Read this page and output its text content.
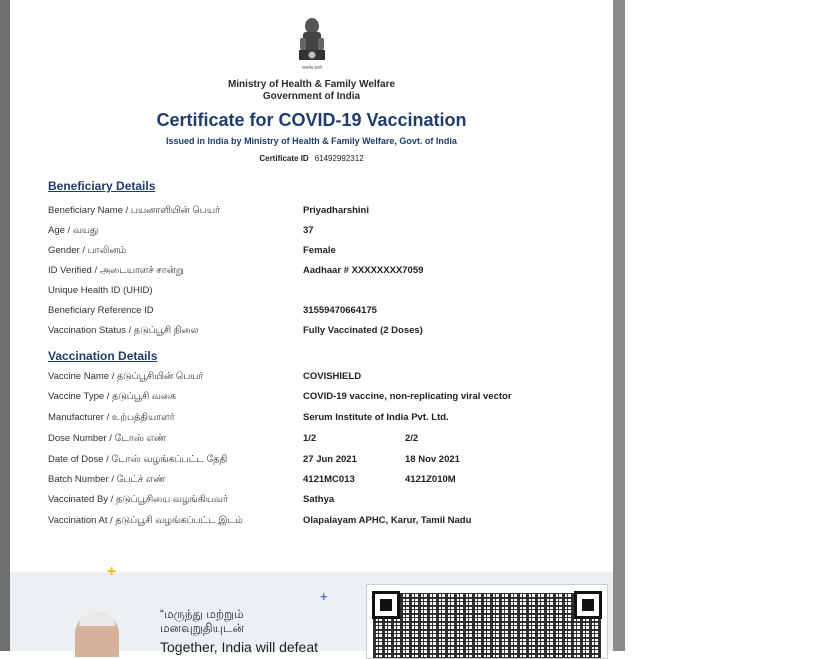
सत्यमेव जयते
Ministry of Health & Family Welfare
Government of India
Certificate for COVID-19 Vaccination
Issued in India by Ministry of Health & Family Welfare, Govt. of India
Certificate ID 61492992312
Beneficiary Details
Beneficiary Name / பயனாளியின் பெயர்	Priyadharshini
Age / வயது	37
Gender / பாலினம்	Female
ID Verified / அடையாளச் சான்று	Aadhaar # XXXXXXXX7059
Unique Health ID (UHID)
Beneficiary Reference ID	31559470664175
Vaccination Status / தடுப்பூசி நிலை	Fully Vaccinated (2 Doses)
Vaccination Details
Vaccine Name / தடுப்பூசியின் பெயர்	COVISHIELD
Vaccine Type / தடுப்பூசி வகை	COVID-19 vaccine, non-replicating viral vector
Manufacturer / உற்பத்தியாளர்	Serum Institute of India Pvt. Ltd.
Dose Number / டோஸ் எண்	1/2	2/2
Date of Dose / டோஸ் வழங்கப்பட்ட தேதி	27 Jun 2021	18 Nov 2021
Batch Number / பேட்ச் எண்	4121MC013	4121Z010M
Vaccinated By / தடுப்பூசியை வழங்கியவர்	Sathya
Vaccination At / தடுப்பூசி வழங்கப்பட்ட இடம்	Olapalayam APHC, Karur, Tamil Nadu
+
+
“மருந்து மற்றும்
மனவுறுதியுடன்
Together, India will defeat
